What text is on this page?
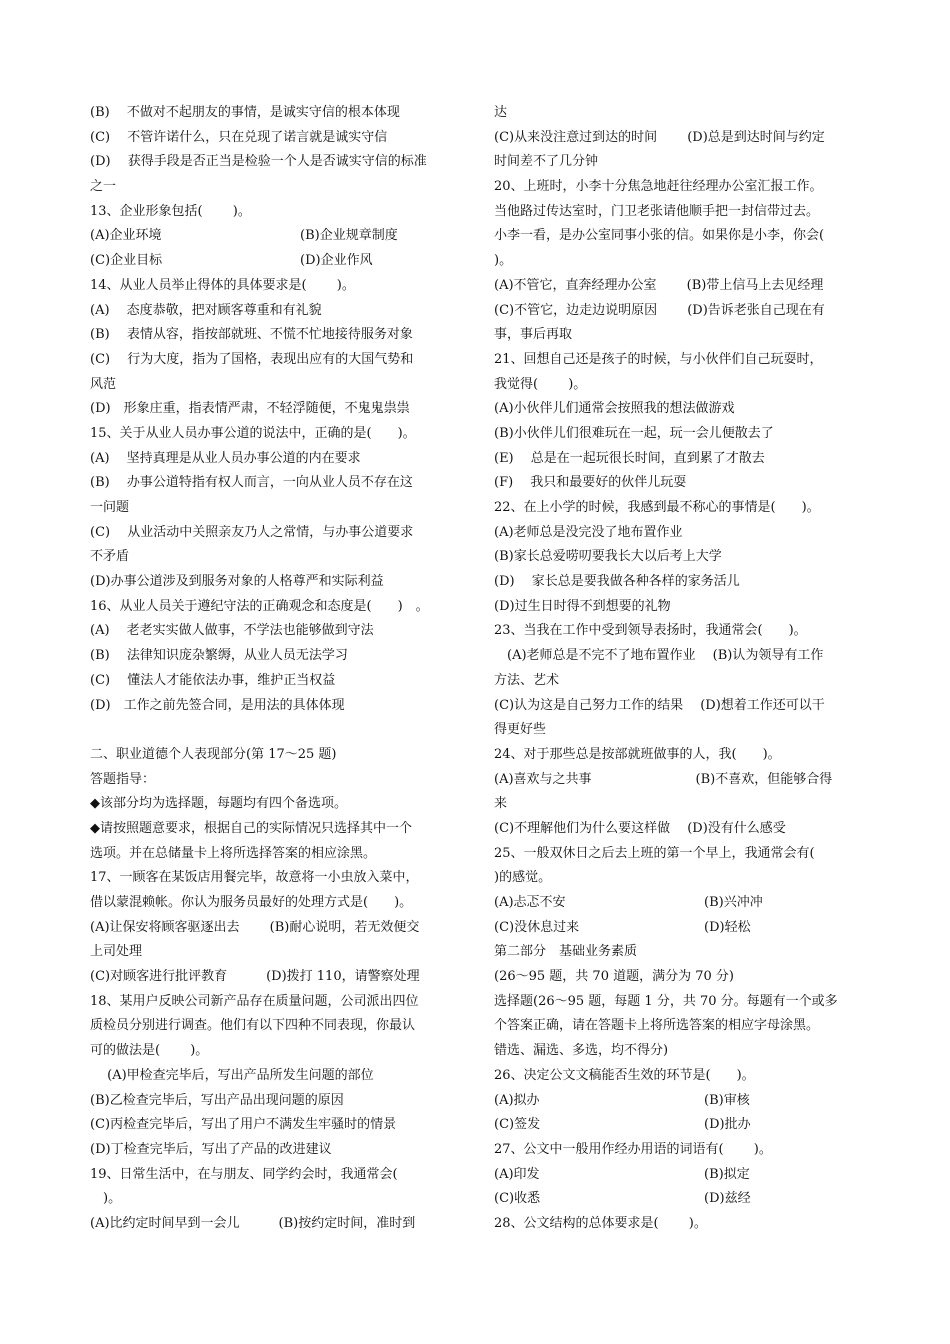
(B)　 不做对不起朋友的事情，是诚实守信的根本体现
(C)　 不管许诺什么，只在兑现了诺言就是诚实守信
(D)　 获得手段是否正当是检验一个人是否诚实守信的标准
之一
13、企业形象包括(　　 )。
(A)企业环境	(B)企业规章制度
(C)企业目标	(D)企业作风
14、从业人员举止得体的具体要求是(　　 )。
(A)　 态度恭敬，把对顾客尊重和有礼貌
(B)　 表情从容，指按部就班、不慌不忙地接待服务对象
(C)　 行为大度，指为了国格，表现出应有的大国气势和
风范
(D)　形象庄重，指表情严肃，不轻浮随便，不鬼鬼祟祟
15、关于从业人员办事公道的说法中，正确的是(　　)。
(A)　 坚持真理是从业人员办事公道的内在要求
(B)　 办事公道特指有权人而言，一向从业人员不存在这
一问题
(C)　 从业活动中关照亲友乃人之常情，与办事公道要求
不矛盾
(D)办事公道涉及到服务对象的人格尊严和实际利益
16、从业人员关于遵纪守法的正确观念和态度是(　　)　。
(A)　 老老实实做人做事，不学法也能够做到守法
(B)　 法律知识庞杂繁缛，从业人员无法学习
(C)　 懂法人才能依法办事，维护正当权益
(D)　工作之前先签合同，是用法的具体体现
二、职业道德个人表现部分(第 17～25 题)
答题指导：
◆该部分均为选择题，每题均有四个备选项。
◆请按照题意要求，根据自己的实际情况只选择其中一个
选项。并在总储量卡上将所选择答案的相应涂黑。
17、一顾客在某饭店用餐完毕，故意将一小虫放入菜中，
借以蒙混赖帐。你认为服务员最好的处理方式是(　　)。
(A)让保安将顾客驱逐出去　　 (B)耐心说明，若无效便交
上司处理
(C)对顾客进行批评教育　　　(D)拨打 110，请警察处理
18、某用户反映公司新产品存在质量问题，公司派出四位
质检员分别进行调查。他们有以下四种不同表现，你最认
可的做法是(　　 )。
　 (A)甲检查完毕后，写出产品所发生问题的部位
(B)乙检查完毕后，写出产品出现问题的原因
(C)丙检查完毕后，写出了用户不满发生牢骚时的情景
(D)丁检查完毕后，写出了产品的改进建议
19、日常生活中，在与朋友、同学约会时，我通常会(
　)。
(A)比约定时间早到一会儿　　　(B)按约定时间，准时到
达
(C)从来没注意过到达的时间　　 (D)总是到达时间与约定
时间差不了几分钟
20、上班时，小李十分焦急地赶往经理办公室汇报工作。
当他路过传达室时，门卫老张请他顺手把一封信带过去。
小李一看，是办公室同事小张的信。如果你是小李，你会(
)。
(A)不管它，直奔经理办公室　　 (B)带上信马上去见经理
(C)不管它，边走边说明原因　　 (D)告诉老张自己现在有
事，事后再取
21、回想自己还是孩子的时候，与小伙伴们自己玩耍时，
我觉得(　　 )。
(A)小伙伴儿们通常会按照我的想法做游戏
(B)小伙伴儿们很难玩在一起，玩一会儿便散去了
(E)　 总是在一起玩很长时间，直到累了才散去
(F)　 我只和最要好的伙伴儿玩耍
22、在上小学的时候，我感到最不称心的事情是(　　)。
(A)老师总是没完没了地布置作业
(B)家长总爱唠叨要我长大以后考上大学
(D)　 家长总是要我做各种各样的家务活儿
(D)过生日时得不到想要的礼物
23、当我在工作中受到领导表扬时，我通常会(　　)。
　(A)老师总是不完不了地布置作业　 (B)认为领导有工作
方法、艺术
(C)认为这是自己努力工作的结果　 (D)想着工作还可以干
得更好些
24、对于那些总是按部就班做事的人，我(　　)。
(A)喜欢与之共事　　　　　　　　(B)不喜欢，但能够合得
来
(C)不理解他们为什么要这样做　 (D)没有什么感受
25、一般双休日之后去上班的第一个早上，我通常会有(
)的感觉。
(A)忐忑不安	(B)兴冲冲
(C)没休息过来	(D)轻松
第二部分　基础业务素质
(26～95 题，共 70 道题，满分为 70 分)
选择题(26～95 题，每题 1 分，共 70 分。每题有一个或多
个答案正确，请在答题卡上将所选答案的相应字母涂黑。
错选、漏选、多选，均不得分)
26、决定公文文稿能否生效的环节是(　　)。
(A)拟办	(B)审核
(C)签发	(D)批办
27、公文中一般用作经办用语的词语有(　　 )。
(A)印发	(B)拟定
(C)收悉	(D)兹经
28、公文结构的总体要求是(　　 )。
